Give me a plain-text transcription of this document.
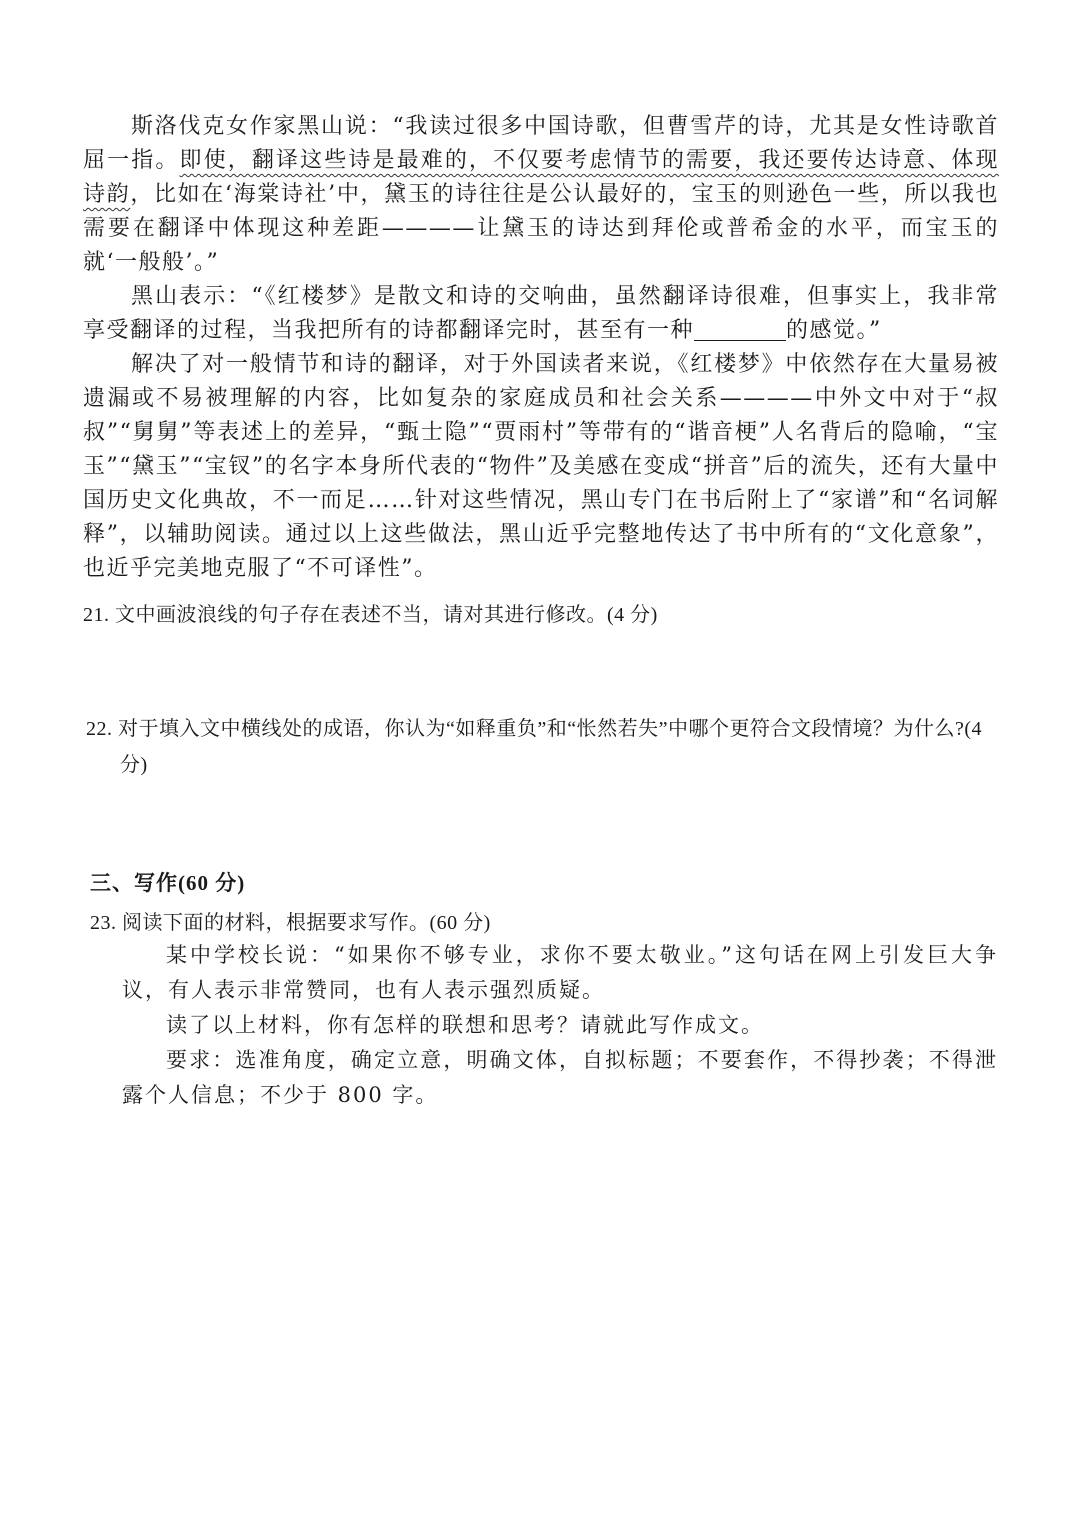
斯洛伐克女作家黑山说：“我读过很多中国诗歌，但曹雪芹的诗，尤其是女性诗歌首屈一指。即使，翻译这些诗是最难的，不仅要考虑情节的需要，我还要传达诗意、体现诗韵，比如在‘海棠诗社’中，黛玉的诗往往是公认最好的，宝玉的则逊色一些，所以我也需要在翻译中体现这种差距————让黛玉的诗达到拜伦或普希金的水平，而宝玉的就‘一般般’。”

黑山表示：“《红楼梦》是散文和诗的交响曲，虽然翻译诗很难，但事实上，我非常享受翻译的过程，当我把所有的诗都翻译完时，甚至有一种	的感觉。”

解决了对一般情节和诗的翻译，对于外国读者来说，《红楼梦》中依然存在大量易被遗漏或不易被理解的内容，比如复杂的家庭成员和社会关系————中外文中对于“叔叔”“舅舅”等表述上的差异，“甄士隐”“贾雨村”等带有的“谐音梗”人名背后的隐喻，“宝玉”“黛玉”“宝钗”的名字本身所代表的“物件”及美感在变成“拼音”后的流失，还有大量中国历史文化典故，不一而足……针对这些情况，黑山专门在书后附上了“家谱”和“名词解释”，以辅助阅读。通过以上这些做法，黑山近乎完整地传达了书中所有的“文化意象”，也近乎完美地克服了“不可译性”。

21. 文中画波浪线的句子存在表述不当，请对其进行修改。(4 分)
22. 对于填入文中横线处的成语，你认为“如释重负”和“怅然若失”中哪个更符合文段情境？为什么?(4 分)
三、写作(60 分)
23. 阅读下面的材料，根据要求写作。(60 分)

某中学校长说：“如果你不够专业，求你不要太敬业。”这句话在网上引发巨大争议，有人表示非常赞同，也有人表示强烈质疑。

读了以上材料，你有怎样的联想和思考？请就此写作成文。

要求：选准角度，确定立意，明确文体，自拟标题；不要套作，不得抄袭；不得泄露个人信息；不少于 800 字。
